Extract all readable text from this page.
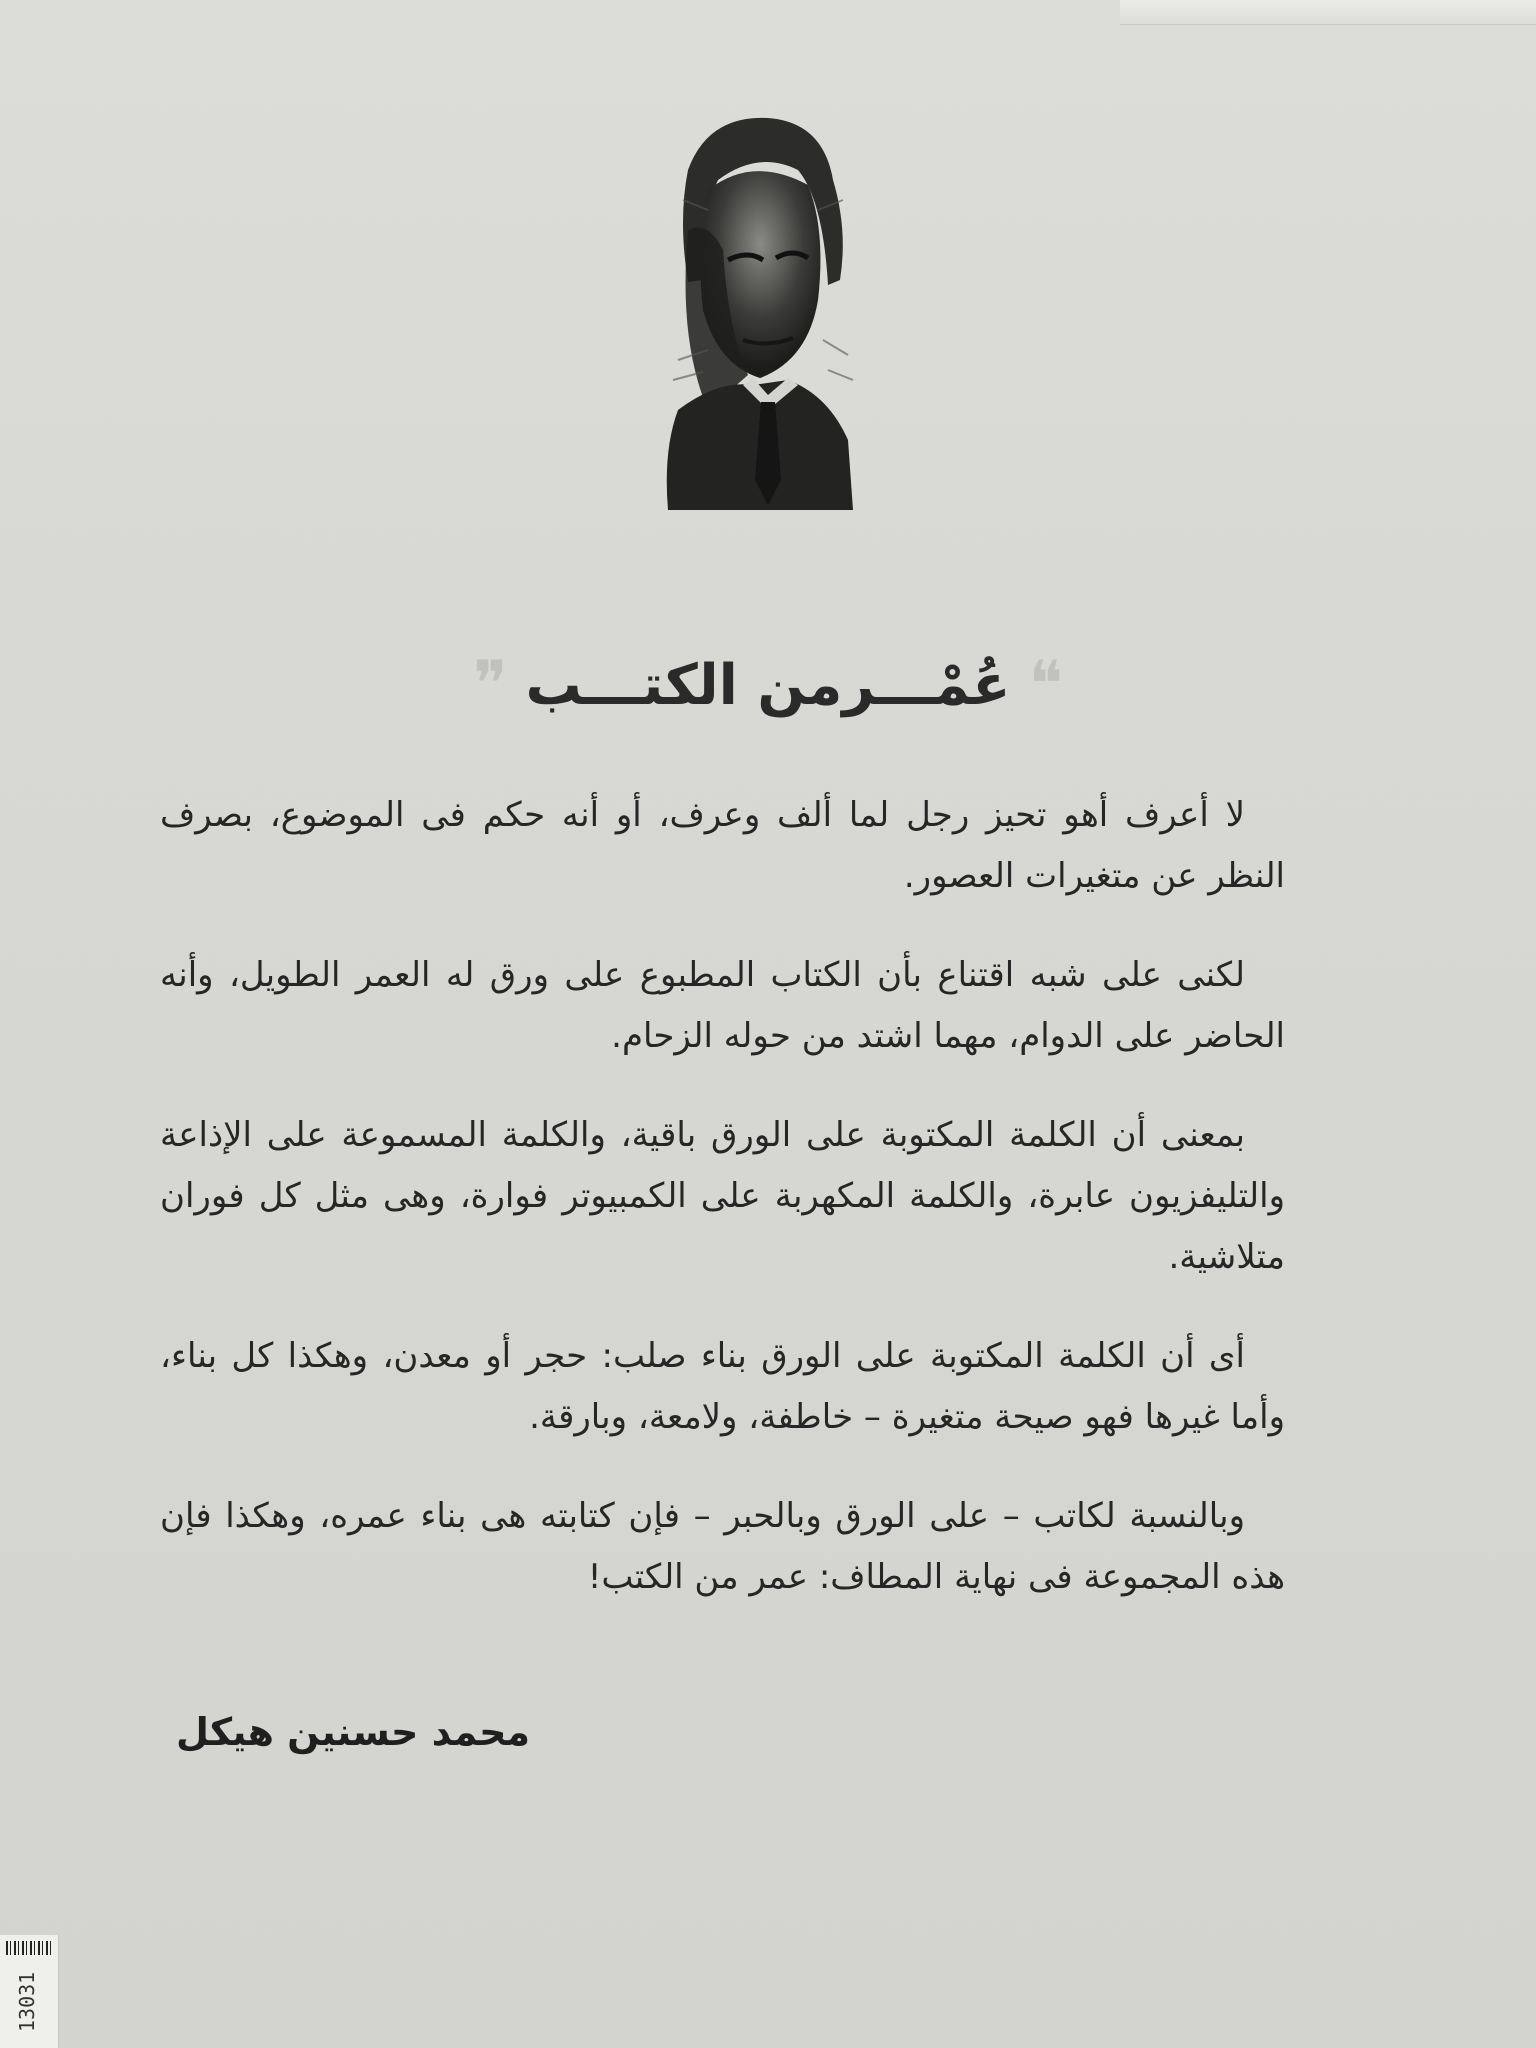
❞ عُمْـــرمن الكتـــب ❝

لا أعرف أهو تحيز رجل لما ألف وعرف، أو أنه حكم فى الموضوع، بصرف النظر عن متغيرات العصور.

لكنى على شبه اقتناع بأن الكتاب المطبوع على ورق له العمر الطويل، وأنه الحاضر على الدوام، مهما اشتد من حوله الزحام.

بمعنى أن الكلمة المكتوبة على الورق باقية، والكلمة المسموعة على الإذاعة والتليفزيون عابرة، والكلمة المكهربة على الكمبيوتر فوارة، وهى مثل كل فوران متلاشية.

أى أن الكلمة المكتوبة على الورق بناء صلب: حجر أو معدن، وهكذا كل بناء، وأما غيرها فهو صيحة متغيرة – خاطفة، ولامعة، وبارقة.

وبالنسبة لكاتب – على الورق وبالحبر – فإن كتابته هى بناء عمره، وهكذا فإن هذه المجموعة فى نهاية المطاف: عمر من الكتب!

محمد حسنين هيكل
13031
